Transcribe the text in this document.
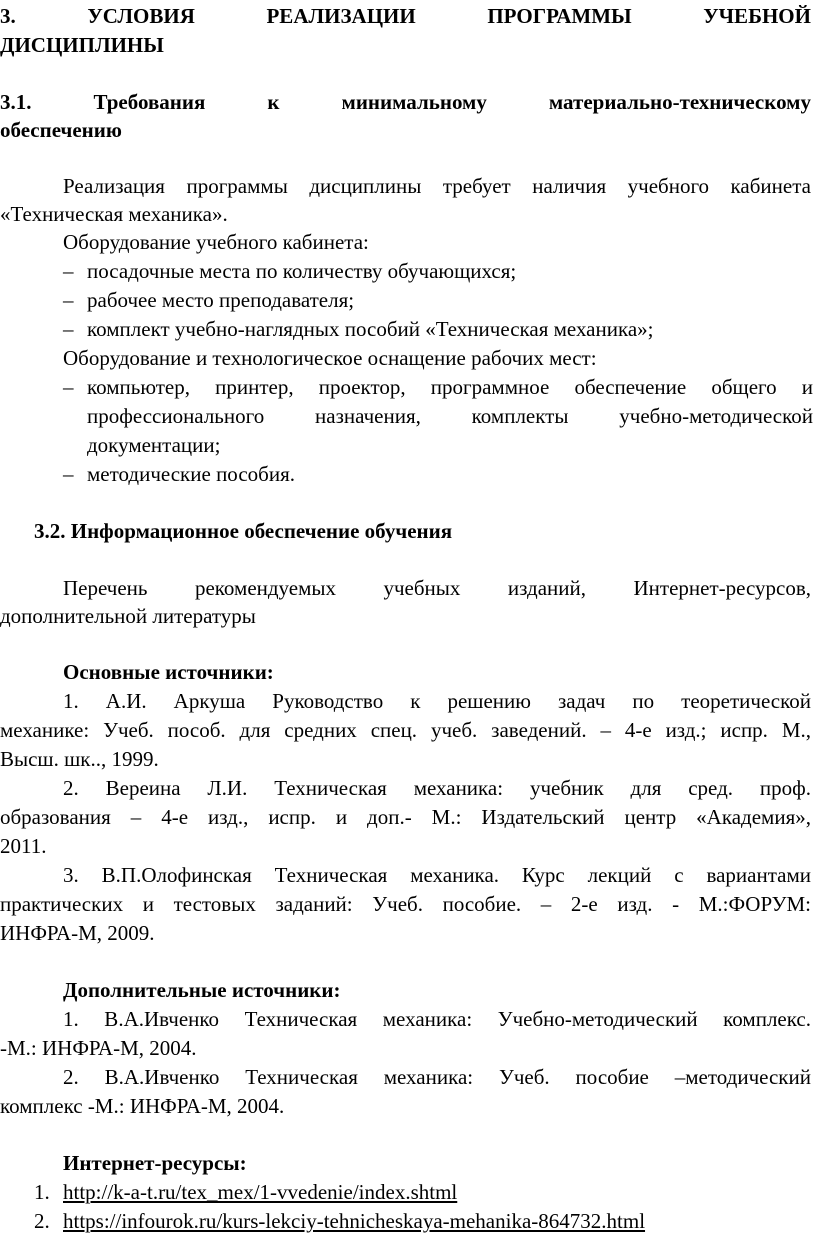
3.	УСЛОВИЯ	РЕАЛИЗАЦИИ	ПРОГРАММЫ	УЧЕБНОЙ
ДИСЦИПЛИНЫ
3.1.	Требования	к	минимальному	материально-техническому
обеспечению
Реализация программы дисциплины требует наличия учебного кабинета
«Техническая механика».
Оборудование учебного кабинета:
– посадочные места по количеству обучающихся;
– рабочее место преподавателя;
– комплект учебно-наглядных пособий «Техническая механика»;
Оборудование и технологическое оснащение рабочих мест:
– компьютер, принтер, проектор, программное обеспечение общего и
профессионального назначения, комплекты учебно-методической
документации;
– методические пособия.
3.2. Информационное обеспечение обучения
Перечень рекомендуемых учебных изданий, Интернет-ресурсов,
дополнительной литературы
Основные источники:
1. А.И. Аркуша Руководство к решению задач по теоретической
механике: Учеб. пособ. для средних спец. учеб. заведений. – 4-е изд.; испр. М.,
Высш. шк.., 1999.
2. Вереина Л.И. Техническая механика: учебник для сред. проф.
образования – 4-е изд., испр. и доп.- М.: Издательский центр «Академия»,
2011.
3. В.П.Олофинская Техническая механика. Курс лекций с вариантами
практических и тестовых заданий: Учеб. пособие. – 2-е изд. - М.:ФОРУМ:
ИНФРА-М, 2009.
Дополнительные источники:
1. В.А.Ивченко Техническая механика: Учебно-методический комплекс.
-М.: ИНФРА-М, 2004.
2. В.А.Ивченко Техническая механика: Учеб. пособие –методический
комплекс -М.: ИНФРА-М, 2004.
Интернет-ресурсы:
1. http://k-a-t.ru/tex_mex/1-vvedenie/index.shtml
2. https://infourok.ru/kurs-lekciy-tehnicheskaya-mehanika-864732.html
